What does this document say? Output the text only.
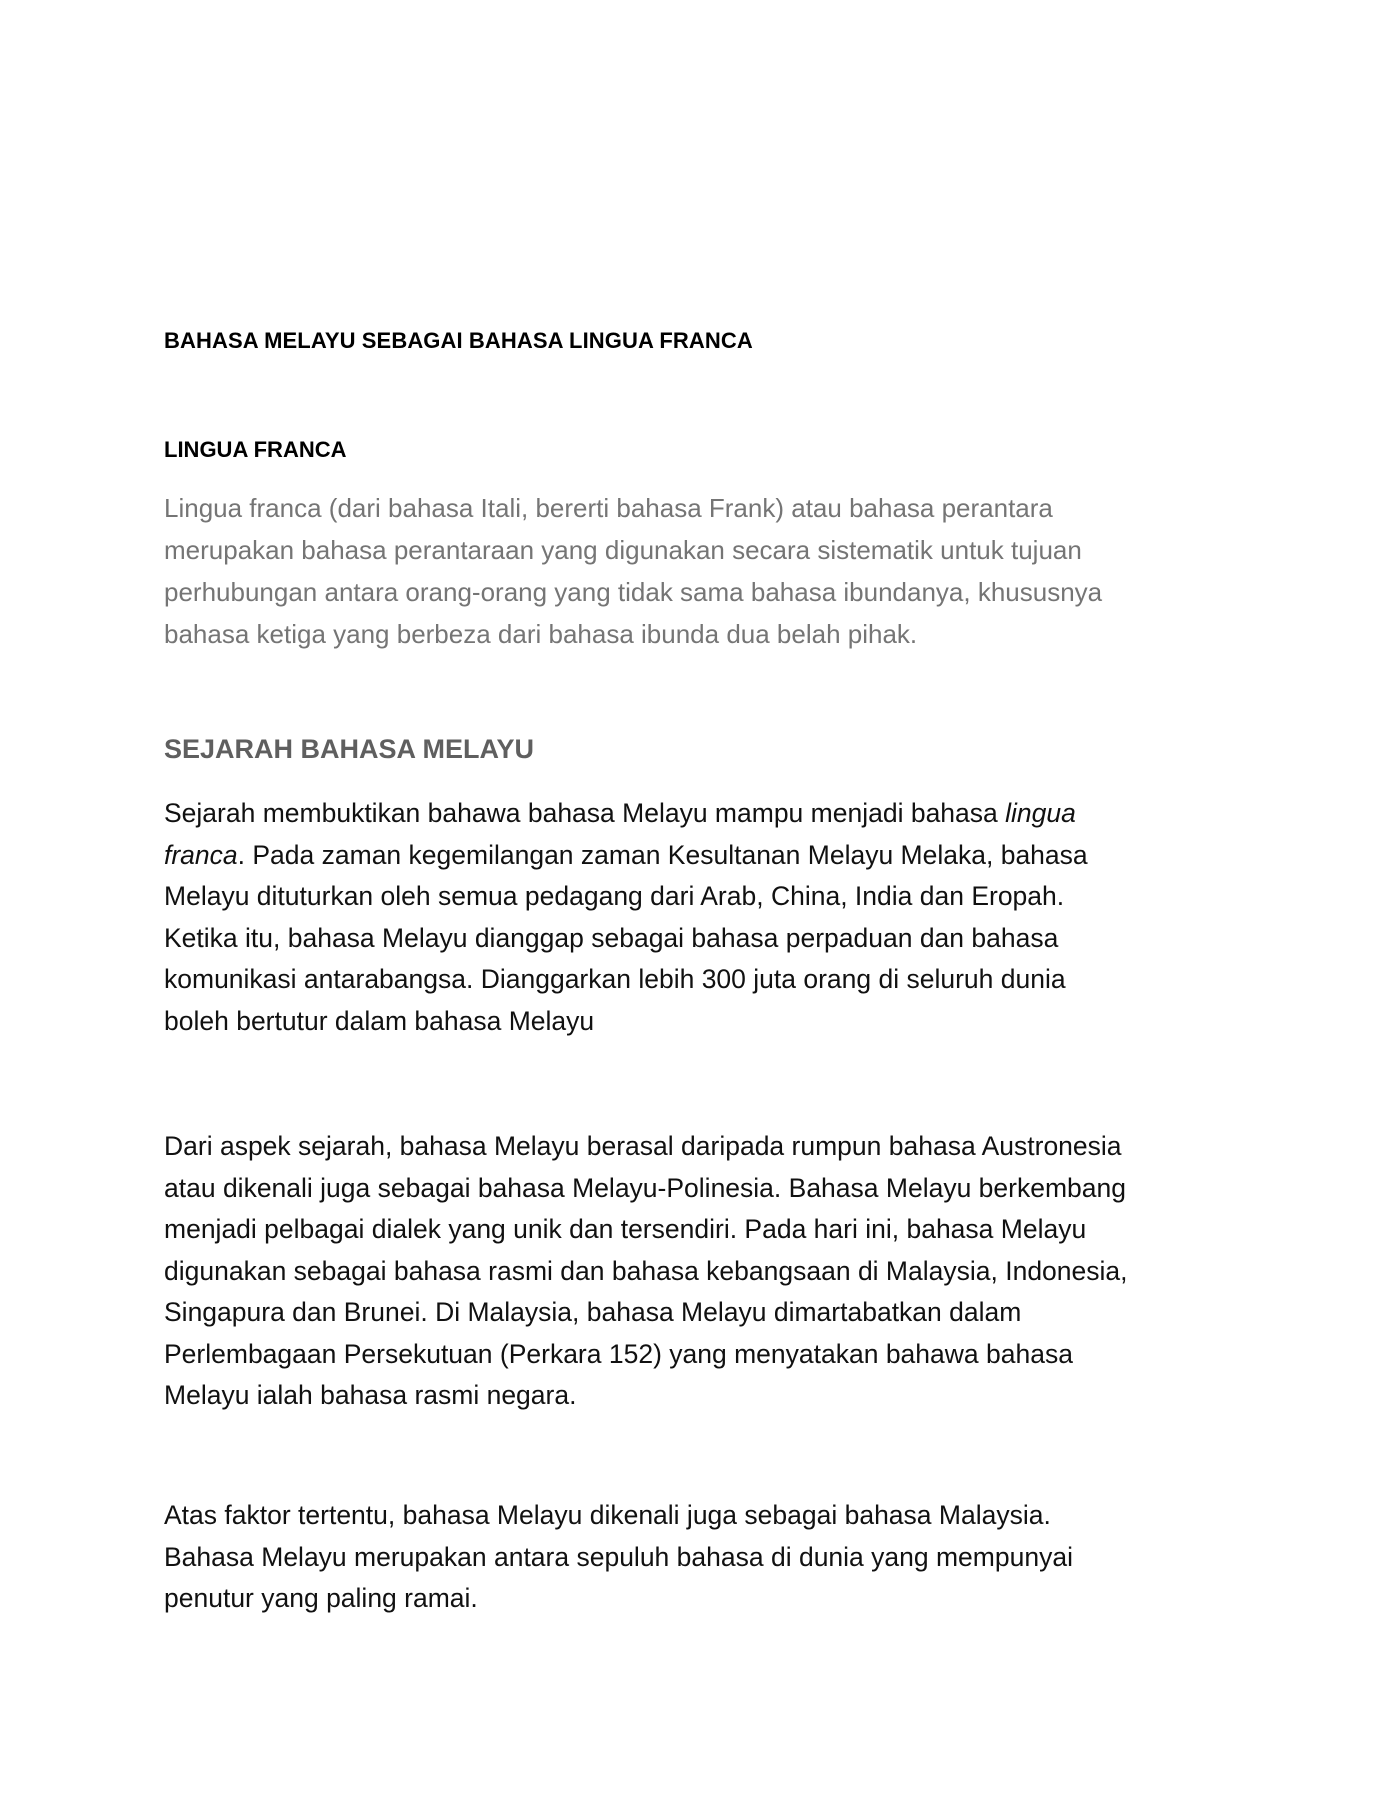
BAHASA MELAYU SEBAGAI BAHASA LINGUA FRANCA
LINGUA FRANCA

Lingua franca (dari bahasa Itali, bererti bahasa Frank) atau bahasa perantara
merupakan bahasa perantaraan yang digunakan secara sistematik untuk tujuan
perhubungan antara orang-orang yang tidak sama bahasa ibundanya, khususnya
bahasa ketiga yang berbeza dari bahasa ibunda dua belah pihak.

SEJARAH BAHASA MELAYU

Sejarah membuktikan bahawa bahasa Melayu mampu menjadi bahasa lingua
franca. Pada zaman kegemilangan zaman Kesultanan Melayu Melaka, bahasa
Melayu dituturkan oleh semua pedagang dari Arab, China, India dan Eropah.
Ketika itu, bahasa Melayu dianggap sebagai bahasa perpaduan dan bahasa
komunikasi antarabangsa. Dianggarkan lebih 300 juta orang di seluruh dunia
boleh bertutur dalam bahasa Melayu

Dari aspek sejarah, bahasa Melayu berasal daripada rumpun bahasa Austronesia
atau dikenali juga sebagai bahasa Melayu-Polinesia. Bahasa Melayu berkembang
menjadi pelbagai dialek yang unik dan tersendiri. Pada hari ini, bahasa Melayu
digunakan sebagai bahasa rasmi dan bahasa kebangsaan di Malaysia, Indonesia,
Singapura dan Brunei. Di Malaysia, bahasa Melayu dimartabatkan dalam
Perlembagaan Persekutuan (Perkara 152) yang menyatakan bahawa bahasa
Melayu ialah bahasa rasmi negara.

Atas faktor tertentu, bahasa Melayu dikenali juga sebagai bahasa Malaysia.
Bahasa Melayu merupakan antara sepuluh bahasa di dunia yang mempunyai
penutur yang paling ramai.
